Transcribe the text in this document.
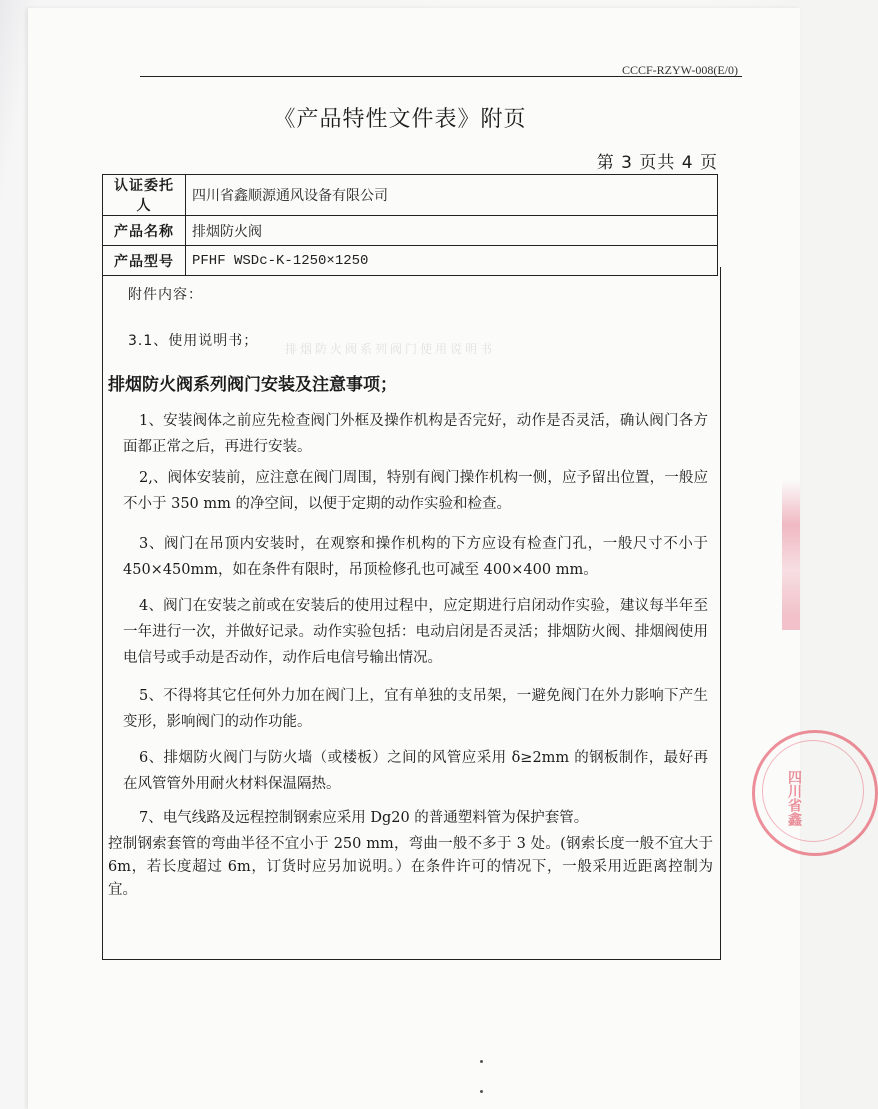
CCCF-RZYW-008(E/0)
《产品特性文件表》附页
第 3 页共 4 页
认证委托人	四川省鑫顺源通风设备有限公司
产品名称	排烟防火阀
产品型号	PFHF WSDc-K-1250×1250
附件内容：
3.1、使用说明书； 排烟防火阀系列阀门使用说明书
排烟防火阀系列阀门安装及注意事项；
1、安装阀体之前应先检查阀门外框及操作机构是否完好，动作是否灵活，确认阀门各方面都正常之后，再进行安装。
2,、阀体安装前，应注意在阀门周围，特别有阀门操作机构一侧，应予留出位置，一般应不小于 350 mm 的净空间，以便于定期的动作实验和检查。
3、阀门在吊顶内安装时，在观察和操作机构的下方应设有检查门孔，一般尺寸不小于 450×450mm，如在条件有限时，吊顶检修孔也可减至 400×400 mm。
4、阀门在安装之前或在安装后的使用过程中，应定期进行启闭动作实验，建议每半年至一年进行一次，并做好记录。动作实验包括：电动启闭是否灵活；排烟防火阀、排烟阀使用电信号或手动是否动作，动作后电信号输出情况。
5、不得将其它任何外力加在阀门上，宜有单独的支吊架，一避免阀门在外力影响下产生变形，影响阀门的动作功能。
6、排烟防火阀门与防火墙（或楼板）之间的风管应采用 δ≥2mm 的钢板制作，最好再在风管管外用耐火材料保温隔热。
7、电气线路及远程控制钢索应采用 Dg20 的普通塑料管为保护套管。
控制钢索套管的弯曲半径不宜小于 250 mm，弯曲一般不多于 3 处。(钢索长度一般不宜大于 6m，若长度超过 6m，订货时应另加说明。）在条件许可的情况下，一般采用近距离控制为宜。
四川省鑫
